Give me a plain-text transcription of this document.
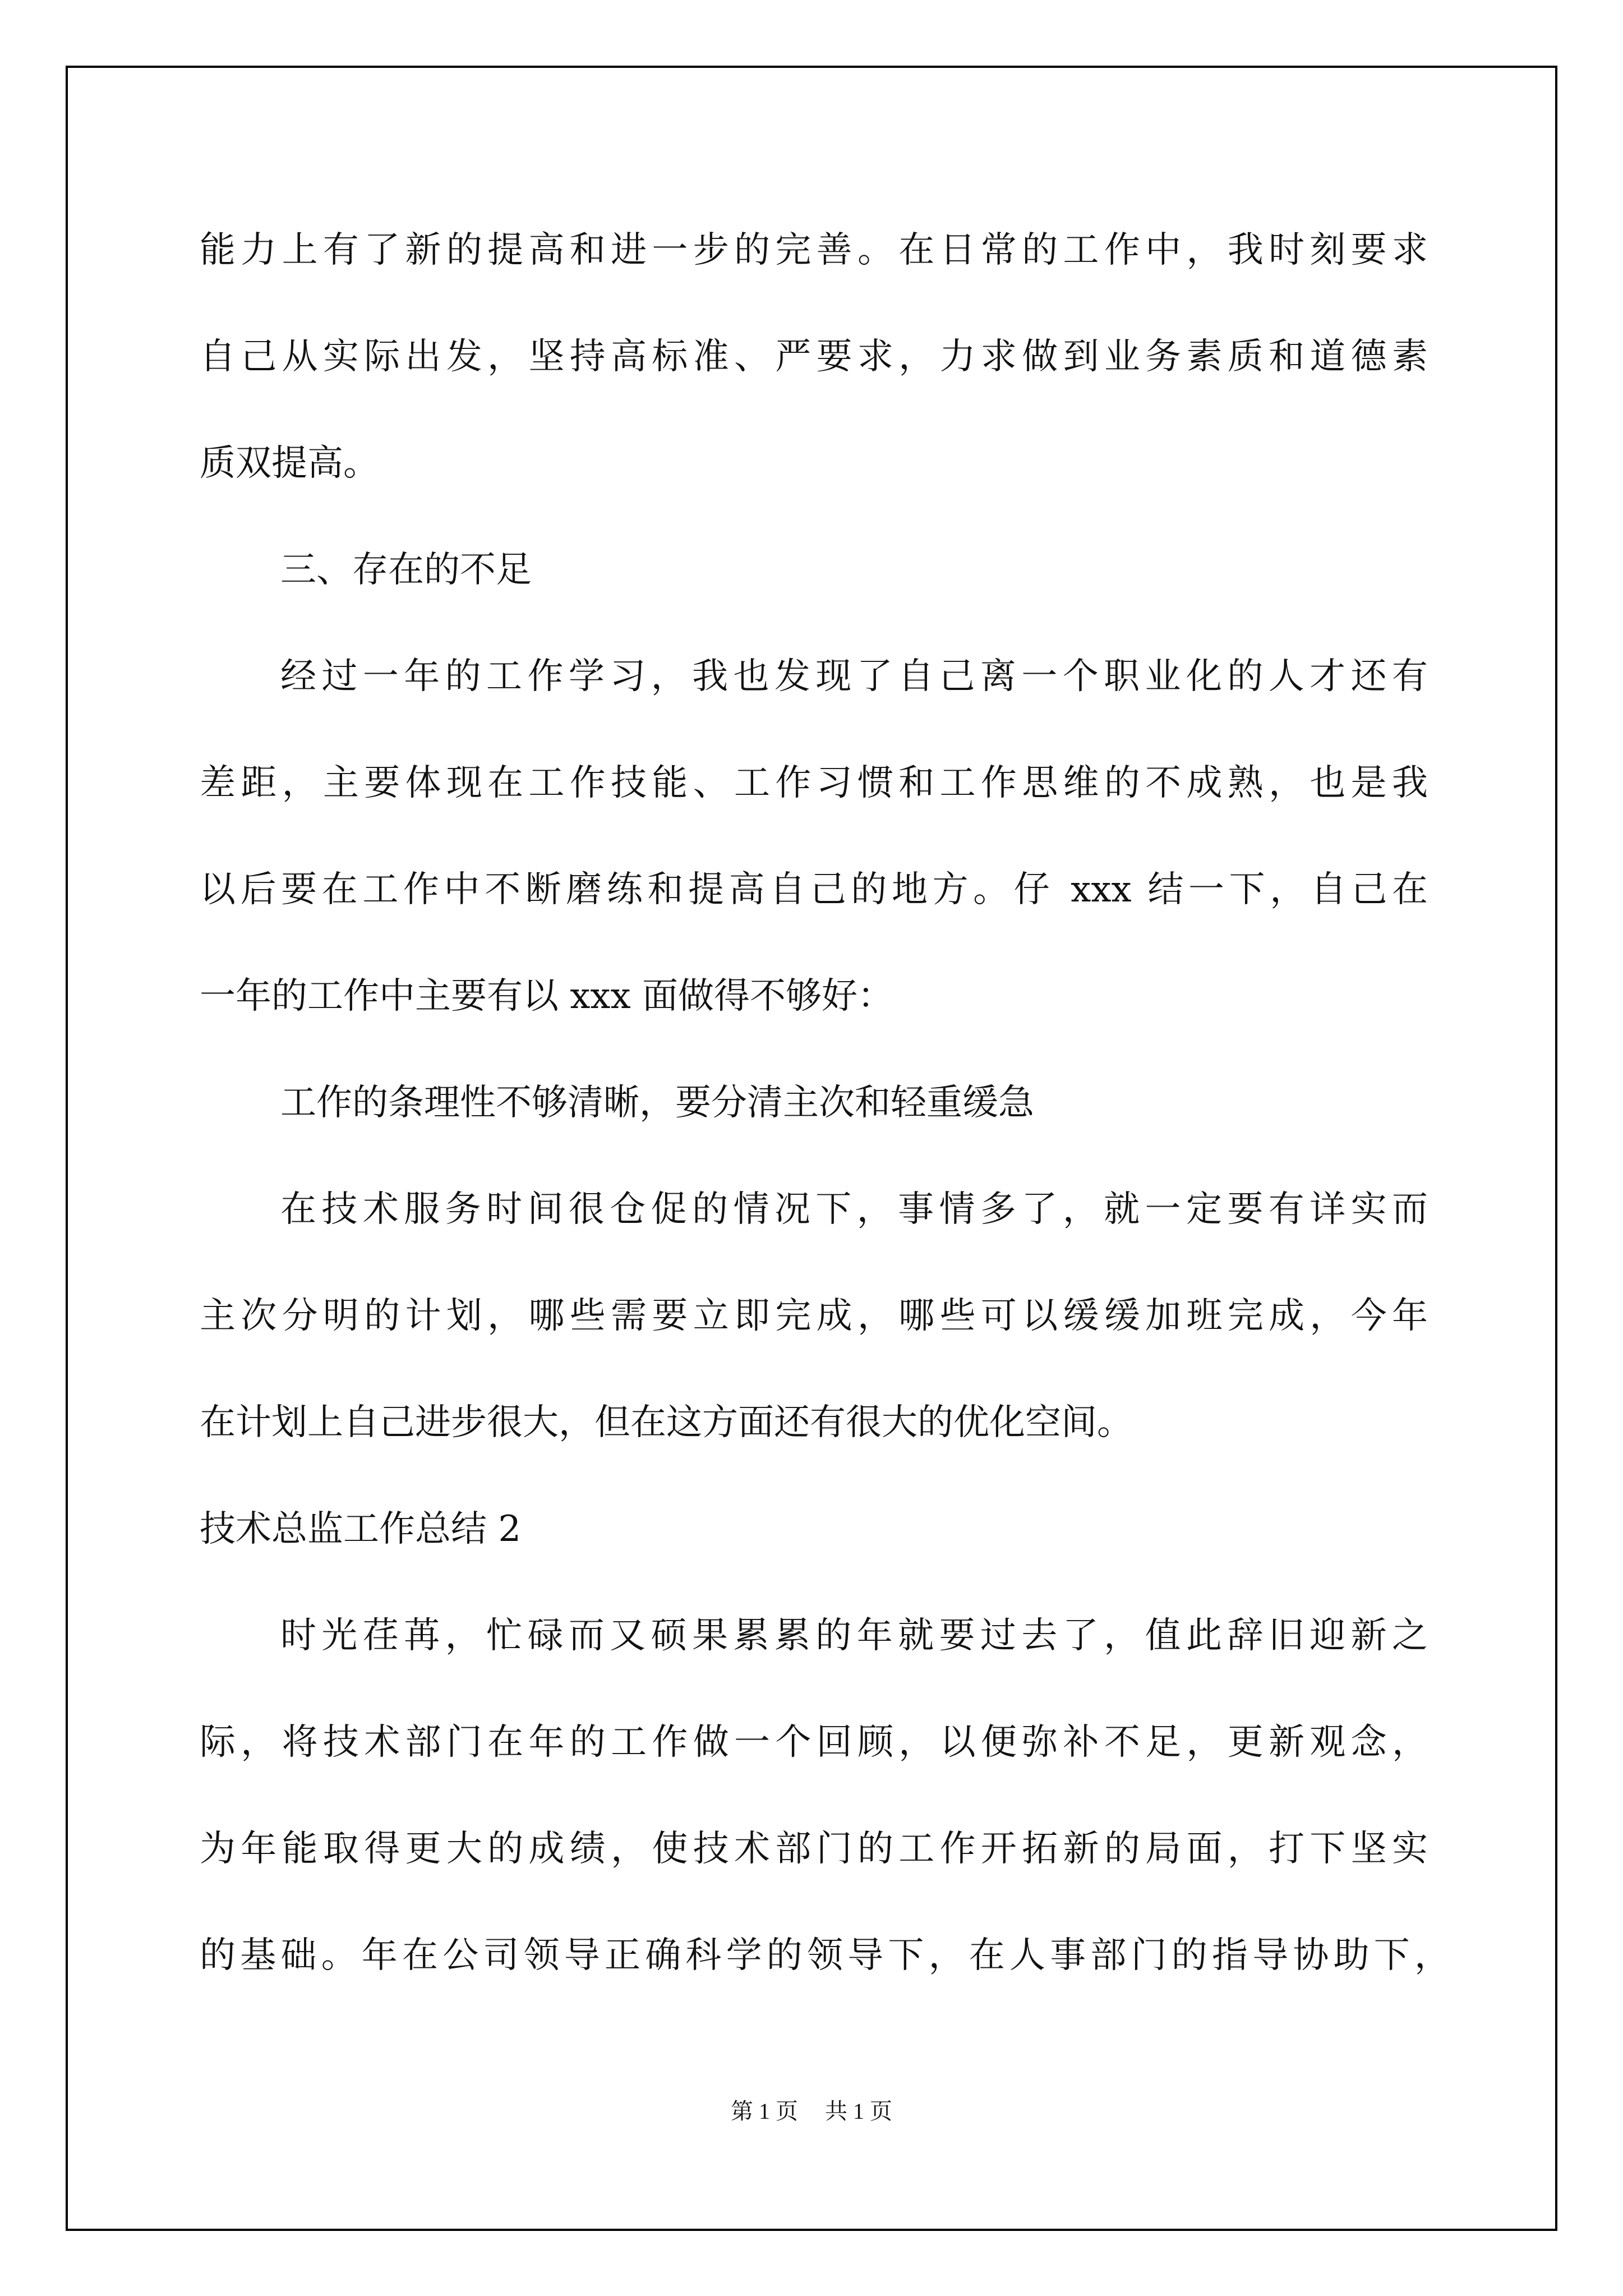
能力上有了新的提高和进一步的完善。在日常的工作中，我时刻要求
自己从实际出发，坚持高标准、严要求，力求做到业务素质和道德素
质双提高。
三、存在的不足
经过一年的工作学习，我也发现了自己离一个职业化的人才还有
差距，主要体现在工作技能、工作习惯和工作思维的不成熟，也是我
以后要在工作中不断磨练和提高自己的地方。仔 xxx 结一下，自己在
一年的工作中主要有以 xxx 面做得不够好：
工作的条理性不够清晰，要分清主次和轻重缓急
在技术服务时间很仓促的情况下，事情多了，就一定要有详实而
主次分明的计划，哪些需要立即完成，哪些可以缓缓加班完成，今年
在计划上自己进步很大，但在这方面还有很大的优化空间。
技术总监工作总结 2
时光荏苒，忙碌而又硕果累累的年就要过去了，值此辞旧迎新之
际，将技术部门在年的工作做一个回顾，以便弥补不足，更新观念，
为年能取得更大的成绩，使技术部门的工作开拓新的局面，打下坚实
的基础。年在公司领导正确科学的领导下，在人事部门的指导协助下，
第 1 页 共 1 页
